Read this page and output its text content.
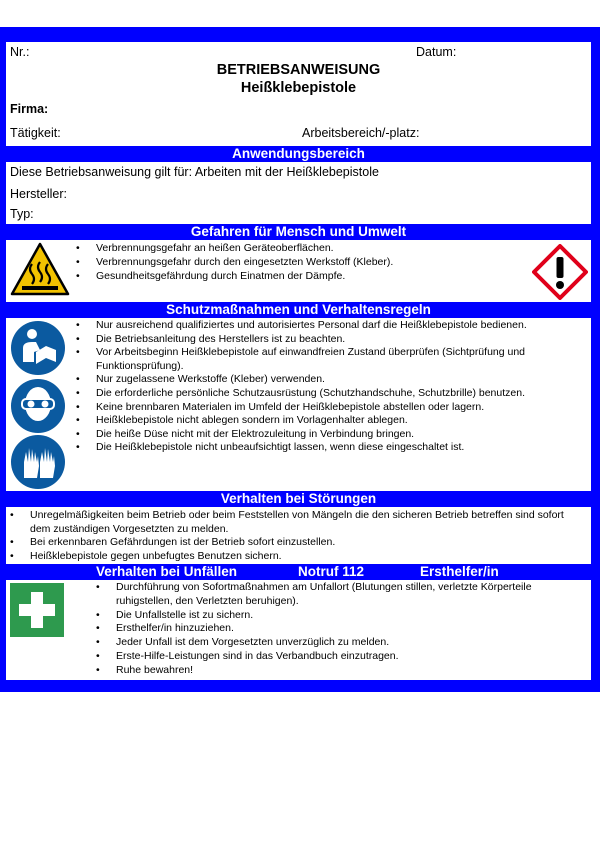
Nr.:	Datum:
BETRIEBSANWEISUNG
Heißklebepistole
Firma:
Tätigkeit:	Arbeitsbereich/-platz:
Anwendungsbereich
Diese Betriebsanweisung gilt für: Arbeiten mit der Heißklebepistole
Hersteller:
Typ:
Gefahren für Mensch und Umwelt
• Verbrennungsgefahr an heißen Geräteoberflächen.
• Verbrennungsgefahr durch den eingesetzten Werkstoff (Kleber).
• Gesundheitsgefährdung durch Einatmen der Dämpfe.
Schutzmaßnahmen und Verhaltensregeln
• Nur ausreichend qualifiziertes und autorisiertes Personal darf die Heißklebepistole bedienen.
• Die Betriebsanleitung des Herstellers ist zu beachten.
• Vor Arbeitsbeginn Heißklebepistole auf einwandfreien Zustand überprüfen (Sichtprüfung und Funktionsprüfung).
• Nur zugelassene Werkstoffe (Kleber) verwenden.
• Die erforderliche persönliche Schutzausrüstung (Schutzhandschuhe, Schutzbrille) benutzen.
• Keine brennbaren Materialen im Umfeld der Heißklebepistole abstellen oder lagern.
• Heißklebepistole nicht ablegen sondern im Vorlagenhalter ablegen.
• Die heiße Düse nicht mit der Elektrozuleitung in Verbindung bringen.
• Die Heißklebepistole nicht unbeaufsichtigt lassen, wenn diese eingeschaltet ist.
Verhalten bei Störungen
• Unregelmäßigkeiten beim Betrieb oder beim Feststellen von Mängeln die den sicheren Betrieb betreffen sind sofort dem zuständigen Vorgesetzten zu melden.
• Bei erkennbaren Gefährdungen ist der Betrieb sofort einzustellen.
• Heißklebepistole gegen unbefugtes Benutzen sichern.
Verhalten bei Unfällen	Notruf 112	Ersthelfer/in
• Durchführung von Sofortmaßnahmen am Unfallort (Blutungen stillen, verletzte Körperteile ruhigstellen, den Verletzten beruhigen).
• Die Unfallstelle ist zu sichern.
• Ersthelfer/in hinzuziehen.
• Jeder Unfall ist dem Vorgesetzten unverzüglich zu melden.
• Erste-Hilfe-Leistungen sind in das Verbandbuch einzutragen.
• Ruhe bewahren!
